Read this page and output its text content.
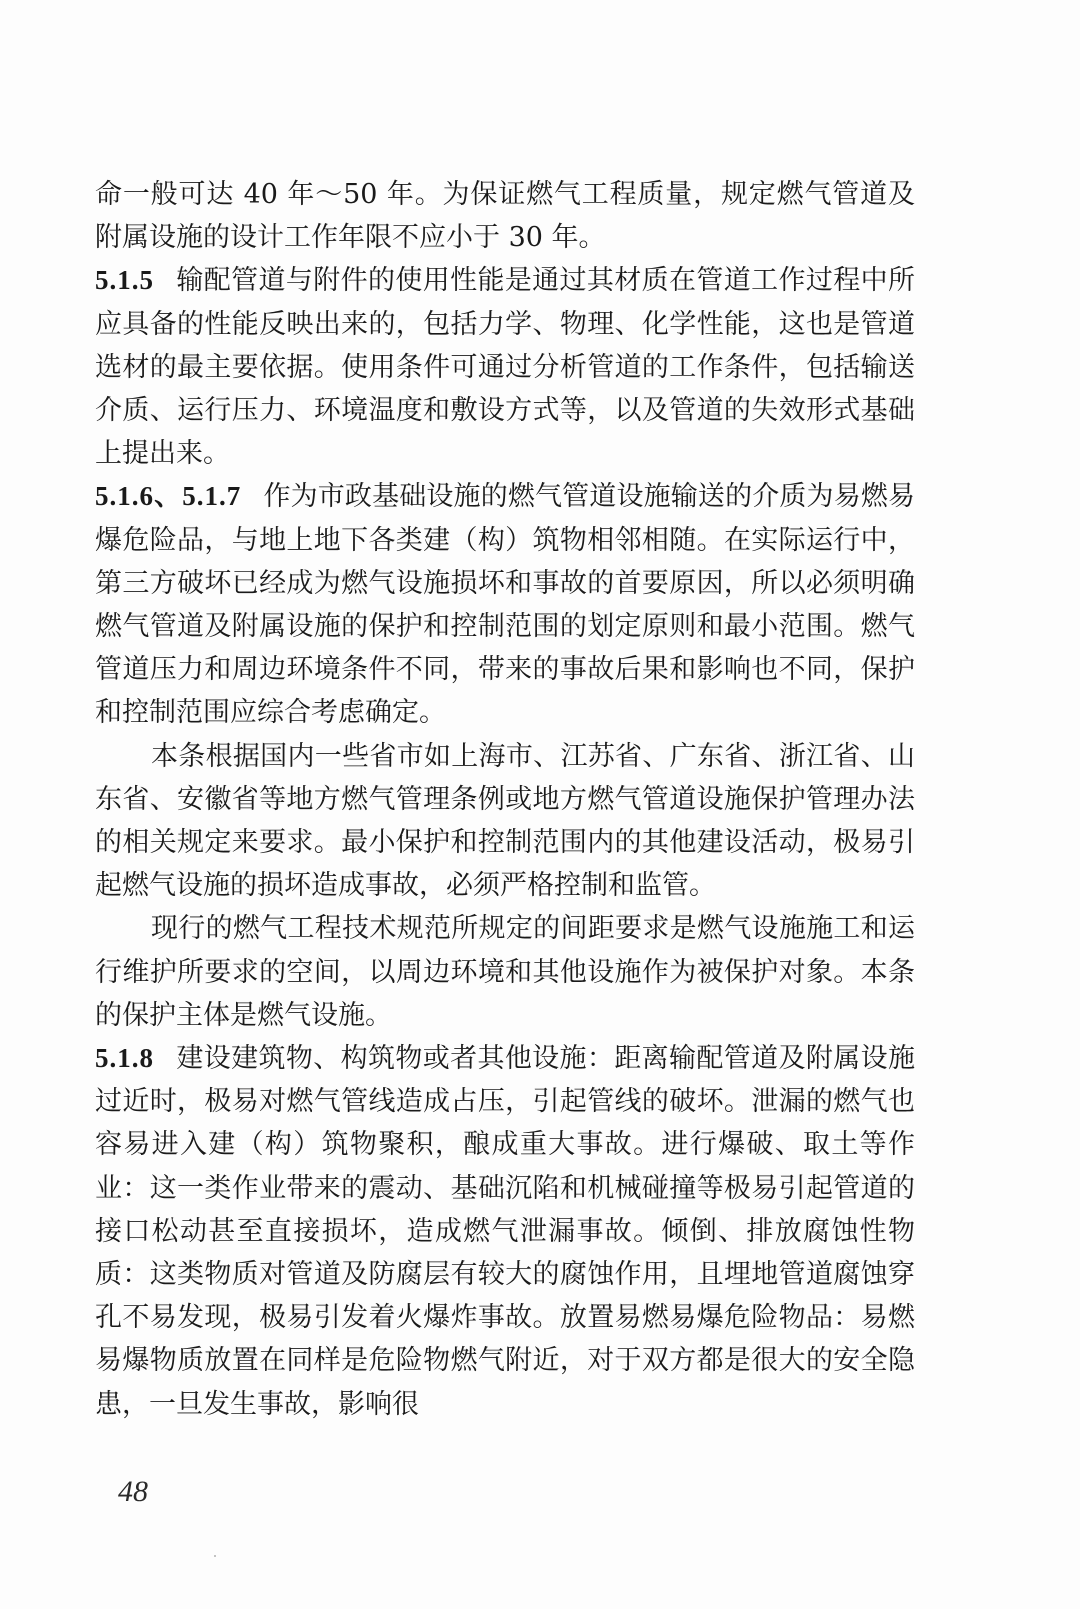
命一般可达 40 年～50 年。为保证燃气工程质量，规定燃气管道及附属设施的设计工作年限不应小于 30 年。

5.1.5 输配管道与附件的使用性能是通过其材质在管道工作过程中所应具备的性能反映出来的，包括力学、物理、化学性能，这也是管道选材的最主要依据。使用条件可通过分析管道的工作条件，包括输送介质、运行压力、环境温度和敷设方式等，以及管道的失效形式基础上提出来。

5.1.6、5.1.7 作为市政基础设施的燃气管道设施输送的介质为易燃易爆危险品，与地上地下各类建（构）筑物相邻相随。在实际运行中，第三方破坏已经成为燃气设施损坏和事故的首要原因，所以必须明确燃气管道及附属设施的保护和控制范围的划定原则和最小范围。燃气管道压力和周边环境条件不同，带来的事故后果和影响也不同，保护和控制范围应综合考虑确定。

本条根据国内一些省市如上海市、江苏省、广东省、浙江省、山东省、安徽省等地方燃气管理条例或地方燃气管道设施保护管理办法的相关规定来要求。最小保护和控制范围内的其他建设活动，极易引起燃气设施的损坏造成事故，必须严格控制和监管。

现行的燃气工程技术规范所规定的间距要求是燃气设施施工和运行维护所要求的空间，以周边环境和其他设施作为被保护对象。本条的保护主体是燃气设施。

5.1.8 建设建筑物、构筑物或者其他设施：距离输配管道及附属设施过近时，极易对燃气管线造成占压，引起管线的破坏。泄漏的燃气也容易进入建（构）筑物聚积，酿成重大事故。进行爆破、取土等作业：这一类作业带来的震动、基础沉陷和机械碰撞等极易引起管道的接口松动甚至直接损坏，造成燃气泄漏事故。倾倒、排放腐蚀性物质：这类物质对管道及防腐层有较大的腐蚀作用，且埋地管道腐蚀穿孔不易发现，极易引发着火爆炸事故。放置易燃易爆危险物品：易燃易爆物质放置在同样是危险物燃气附近，对于双方都是很大的安全隐患，一旦发生事故，影响很

48
